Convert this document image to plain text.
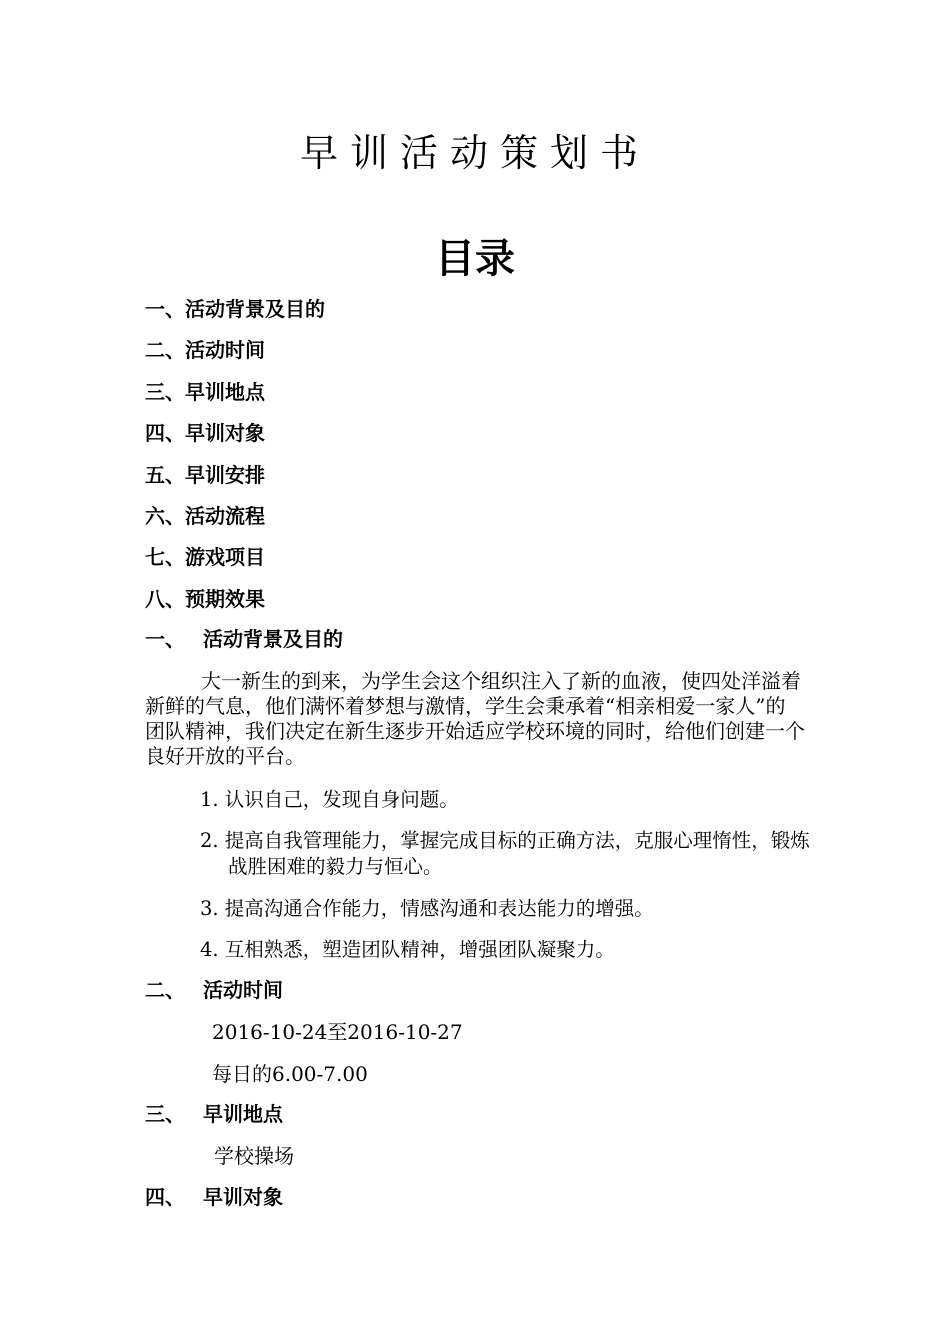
早训活动策划书
目录
一、活动背景及目的
二、活动时间
三、早训地点
四、早训对象
五、早训安排
六、活动流程
七、游戏项目
八、预期效果
一、 活动背景及目的

大一新生的到来，为学生会这个组织注入了新的血液，使四处洋溢着新鲜的气息，他们满怀着梦想与激情，学生会秉承着“相亲相爱一家人”的团队精神，我们决定在新生逐步开始适应学校环境的同时，给他们创建一个良好开放的平台。

1. 认识自己，发现自身问题。

2. 提高自我管理能力，掌握完成目标的正确方法，克服心理惰性，锻炼战胜困难的毅力与恒心。

3. 提高沟通合作能力，情感沟通和表达能力的增强。

4. 互相熟悉，塑造团队精神，增强团队凝聚力。

二、 活动时间
2016-10-24至2016-10-27
每日的6.00-7.00
三、 早训地点
学校操场
四、 早训对象
